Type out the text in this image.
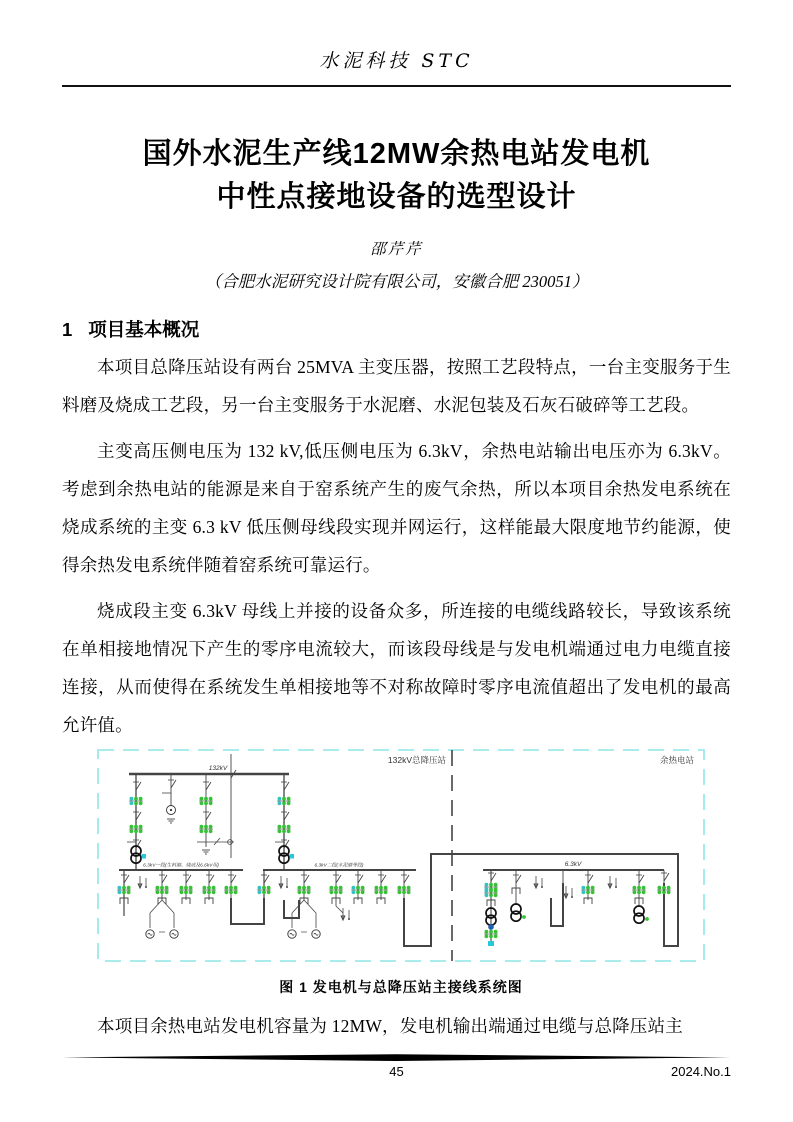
水泥科技 STC
国外水泥生产线12MW余热电站发电机
中性点接地设备的选型设计
邵芹芹
（合肥水泥研究设计院有限公司，安徽合肥 230051）
1 项目基本概况

本项目总降压站设有两台 25MVA 主变压器，按照工艺段特点，一台主变服务于生料磨及烧成工艺段，另一台主变服务于水泥磨、水泥包装及石灰石破碎等工艺段。

主变高压侧电压为 132 kV,低压侧电压为 6.3kV，余热电站输出电压亦为 6.3kV。考虑到余热电站的能源是来自于窑系统产生的废气余热，所以本项目余热发电系统在烧成系统的主变 6.3 kV 低压侧母线段实现并网运行，这样能最大限度地节约能源，使得余热发电系统伴随着窑系统可靠运行。

烧成段主变 6.3kV 母线上并接的设备众多，所连接的电缆线路较长，导致该系统在单相接地情况下产生的零序电流较大，而该段母线是与发电机端通过电力电缆直接连接，从而使得在系统发生单相接地等不对称故障时零序电流值超出了发电机的最高允许值。

132kV总降压站	余热电站
132kV
6.3kV一段(生料磨、烧成及6.6kV用)	6.3kV二段(水泥磨等段)	6.3kV
图 1 发电机与总降压站主接线系统图

本项目余热电站发电机容量为 12MW，发电机输出端通过电缆与总降压站主

45	2024.No.1
